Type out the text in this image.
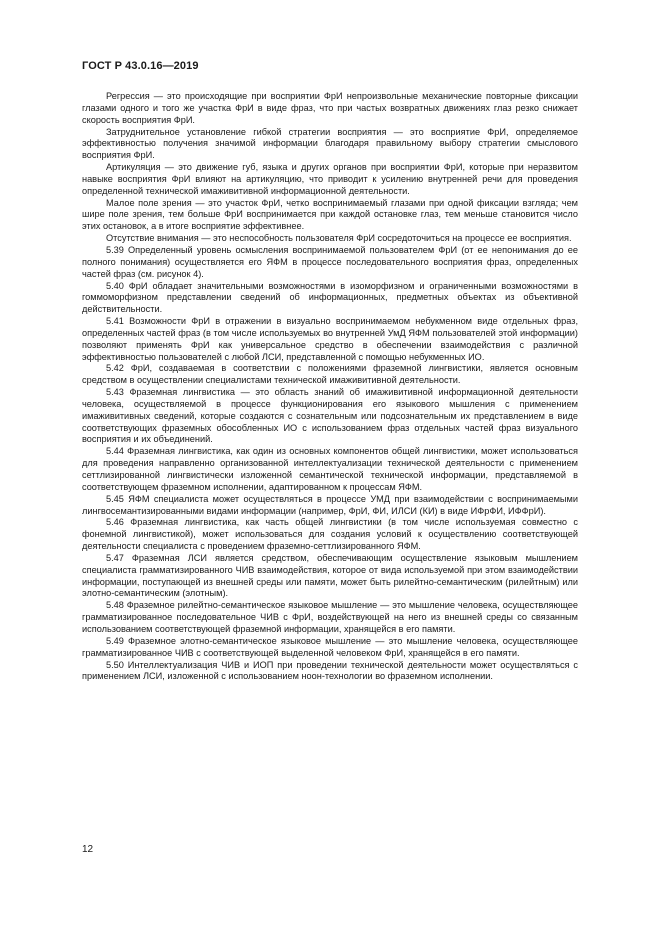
ГОСТ Р 43.0.16—2019

Регрессия — это происходящие при восприятии ФрИ непроизвольные механические повторные фиксации глазами одного и того же участка ФрИ в виде фраз, что при частых возвратных движениях глаз резко снижает скорость восприятия ФрИ.

Затруднительное установление гибкой стратегии восприятия — это восприятие ФрИ, определяемое эффективностью получения значимой информации благодаря правильному выбору стратегии смыслового восприятия ФрИ.

Артикуляция — это движение губ, языка и других органов при восприятии ФрИ, которые при неразвитом навыке восприятия ФрИ влияют на артикуляцию, что приводит к усилению внутренней речи для проведения определенной технической имаживитивной информационной деятельности.

Малое поле зрения — это участок ФрИ, четко воспринимаемый глазами при одной фиксации взгляда; чем шире поле зрения, тем больше ФрИ воспринимается при каждой остановке глаз, тем меньше становится число этих остановок, а в итоге восприятие эффективнее.

Отсутствие внимания — это неспособность пользователя ФрИ сосредоточиться на процессе ее восприятия.

5.39 Определенный уровень осмысления воспринимаемой пользователем ФрИ (от ее непонимания до ее полного понимания) осуществляется его ЯФМ в процессе последовательного восприятия фраз, определенных частей фраз (см. рисунок 4).

5.40 ФрИ обладает значительными возможностями в изоморфизном и ограниченными возможностями в гоммоморфизном представлении сведений об информационных, предметных объектах из объективной действительности.

5.41 Возможности ФрИ в отражении в визуально воспринимаемом небукменном виде отдельных фраз, определенных частей фраз (в том числе используемых во внутренней УмД ЯФМ пользователей этой информации) позволяют применять ФрИ как универсальное средство в обеспечении взаимодействия с различной эффективностью пользователей с любой ЛСИ, представленной с помощью небукменных ИО.

5.42 ФрИ, создаваемая в соответствии с положениями фраземной лингвистики, является основным средством в осуществлении специалистами технической имаживитивной деятельности.

5.43 Фраземная лингвистика — это область знаний об имаживитивной информационной деятельности человека, осуществляемой в процессе функционирования его языкового мышления с применением имаживитивных сведений, которые создаются с сознательным или подсознательным их представлением в виде соответствующих фраземных обособленных ИО с использованием фраз отдельных частей фраз визуального восприятия и их объединений.

5.44 Фраземная лингвистика, как один из основных компонентов общей лингвистики, может использоваться для проведения направленно организованной интеллектуализации технической деятельности с применением сеттлизированной лингвистически изложенной семантической технической информации, представляемой в соответствующем фраземном исполнении, адаптированном к процессам ЯФМ.

5.45 ЯФМ специалиста может осуществляться в процессе УМД при взаимодействии с воспринимаемыми лингвосемантизированными видами информации (например, ФрИ, ФИ, ИЛСИ (КИ) в виде ИФрФИ, ИФФрИ).

5.46 Фраземная лингвистика, как часть общей лингвистики (в том числе используемая совместно с фонемной лингвистикой), может использоваться для создания условий к осуществлению соответствующей деятельности специалиста с проведением фраземно-сеттлизированного ЯФМ.

5.47 Фраземная ЛСИ является средством, обеспечивающим осуществление языковым мышлением специалиста грамматизированного ЧИВ взаимодействия, которое от вида используемой при этом взаимодействии информации, поступающей из внешней среды или памяти, может быть рилейтно-семантическим (рилейтным) или элотно-семантическим (элотным).

5.48 Фраземное рилейтно-семантическое языковое мышление — это мышление человека, осуществляющее грамматизированное последовательное ЧИВ с ФрИ, воздействующей на него из внешней среды со связанным использованием соответствующей фраземной информации, хранящейся в его памяти.

5.49 Фраземное элотно-семантическое языковое мышление — это мышление человека, осуществляющее грамматизированное ЧИВ с соответствующей выделенной человеком ФрИ, хранящейся в его памяти.

5.50 Интеллектуализация ЧИВ и ИОП при проведении технической деятельности может осуществляться с применением ЛСИ, изложенной с использованием ноон-технологии во фраземном исполнении.

12
